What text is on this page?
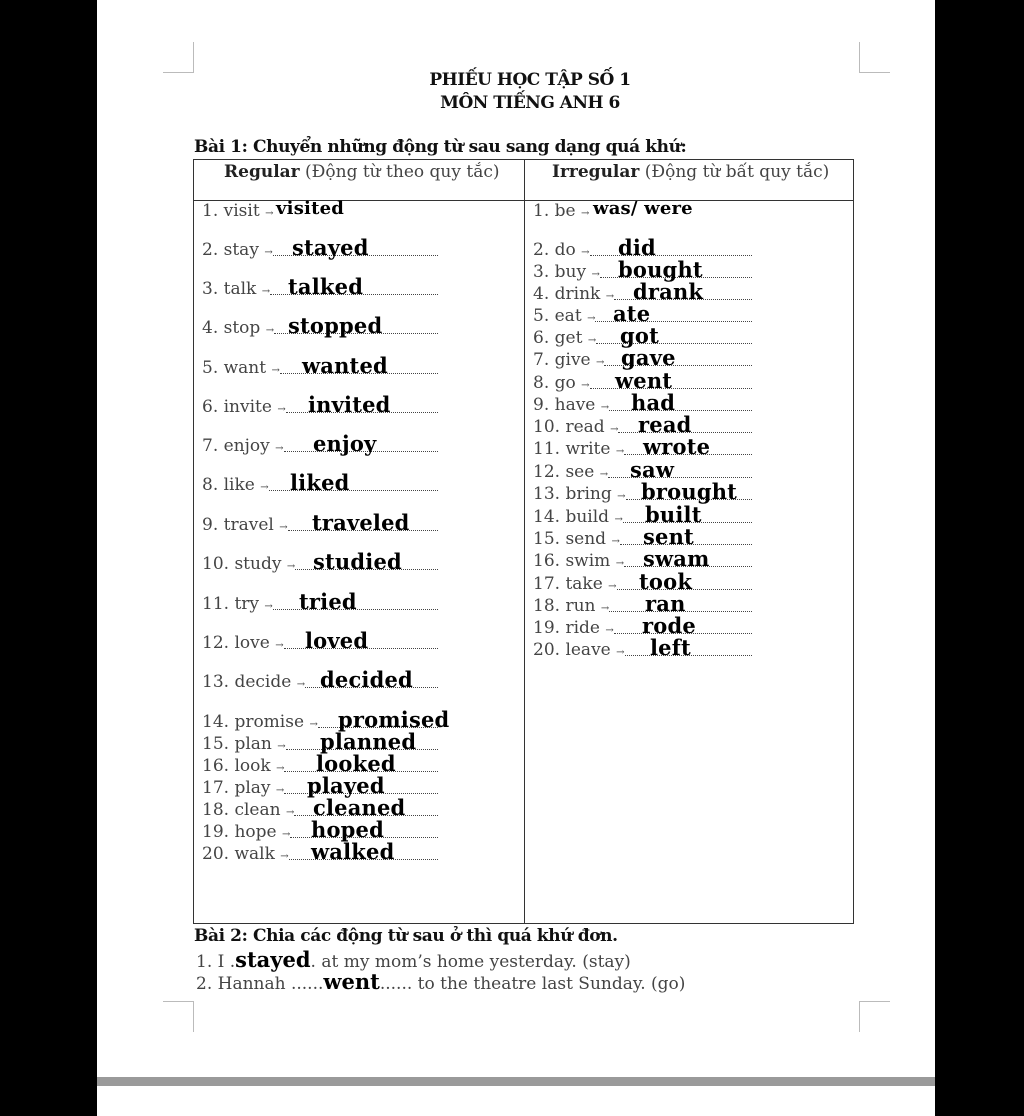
PHIẾU HỌC TẬP SỐ 1
MÔN TIẾNG ANH 6
Bài 1: Chuyển những động từ sau sang dạng quá khứ:
Regular (Động từ theo quy tắc)	Irregular (Động từ bất quy tắc)
1. visit → visited
2. stay → stayed
3. talk → talked
4. stop → stopped
5. want → wanted
6. invite → invited
7. enjoy → enjoy
8. like → liked
9. travel → traveled
10. study → studied
11. try → tried
12. love → loved
13. decide → decided
14. promise → promised
15. plan → planned
16. look → looked
17. play → played
18. clean → cleaned
19. hope → hoped
20. walk → walked
1. be → was/ were
2. do → did
3. buy → bought
4. drink → drank
5. eat → ate
6. get → got
7. give → gave
8. go → went
9. have → had
10. read → read
11. write → wrote
12. see → saw
13. bring → brought
14. build → built
15. send → sent
16. swim → swam
17. take → took
18. run → ran
19. ride → rode
20. leave → left
Bài 2: Chia các động từ sau ở thì quá khứ đơn.
1. I .stayed. at my mom’s home yesterday. (stay)
2. Hannah ......went...... to the theatre last Sunday. (go)
